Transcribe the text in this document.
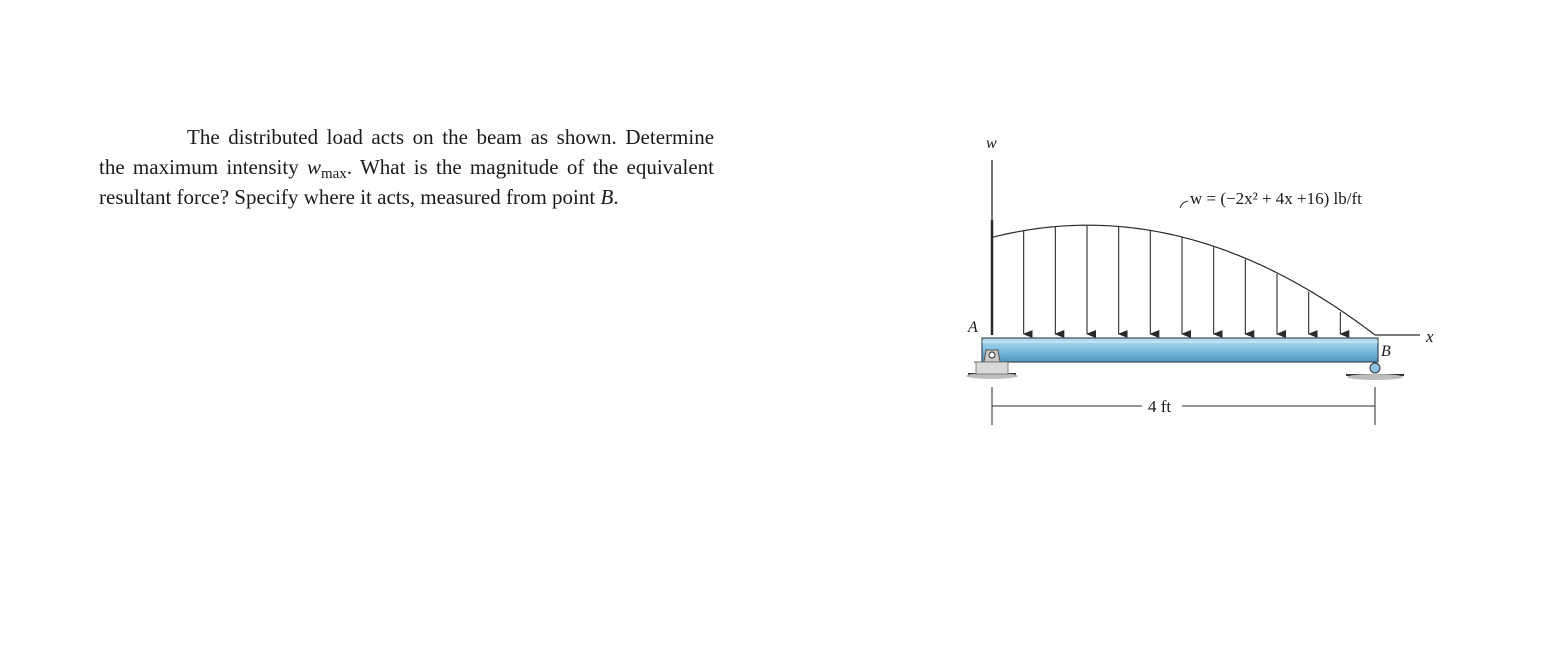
The distributed load acts on the beam as shown. Determine the maximum intensity $w_{max}$. What is the magnitude of the equivalent resultant force? Specify where it acts, measured from point B.

w
x
A
B
w = (−2x² + 4x +16) lb/ft
4 ft
